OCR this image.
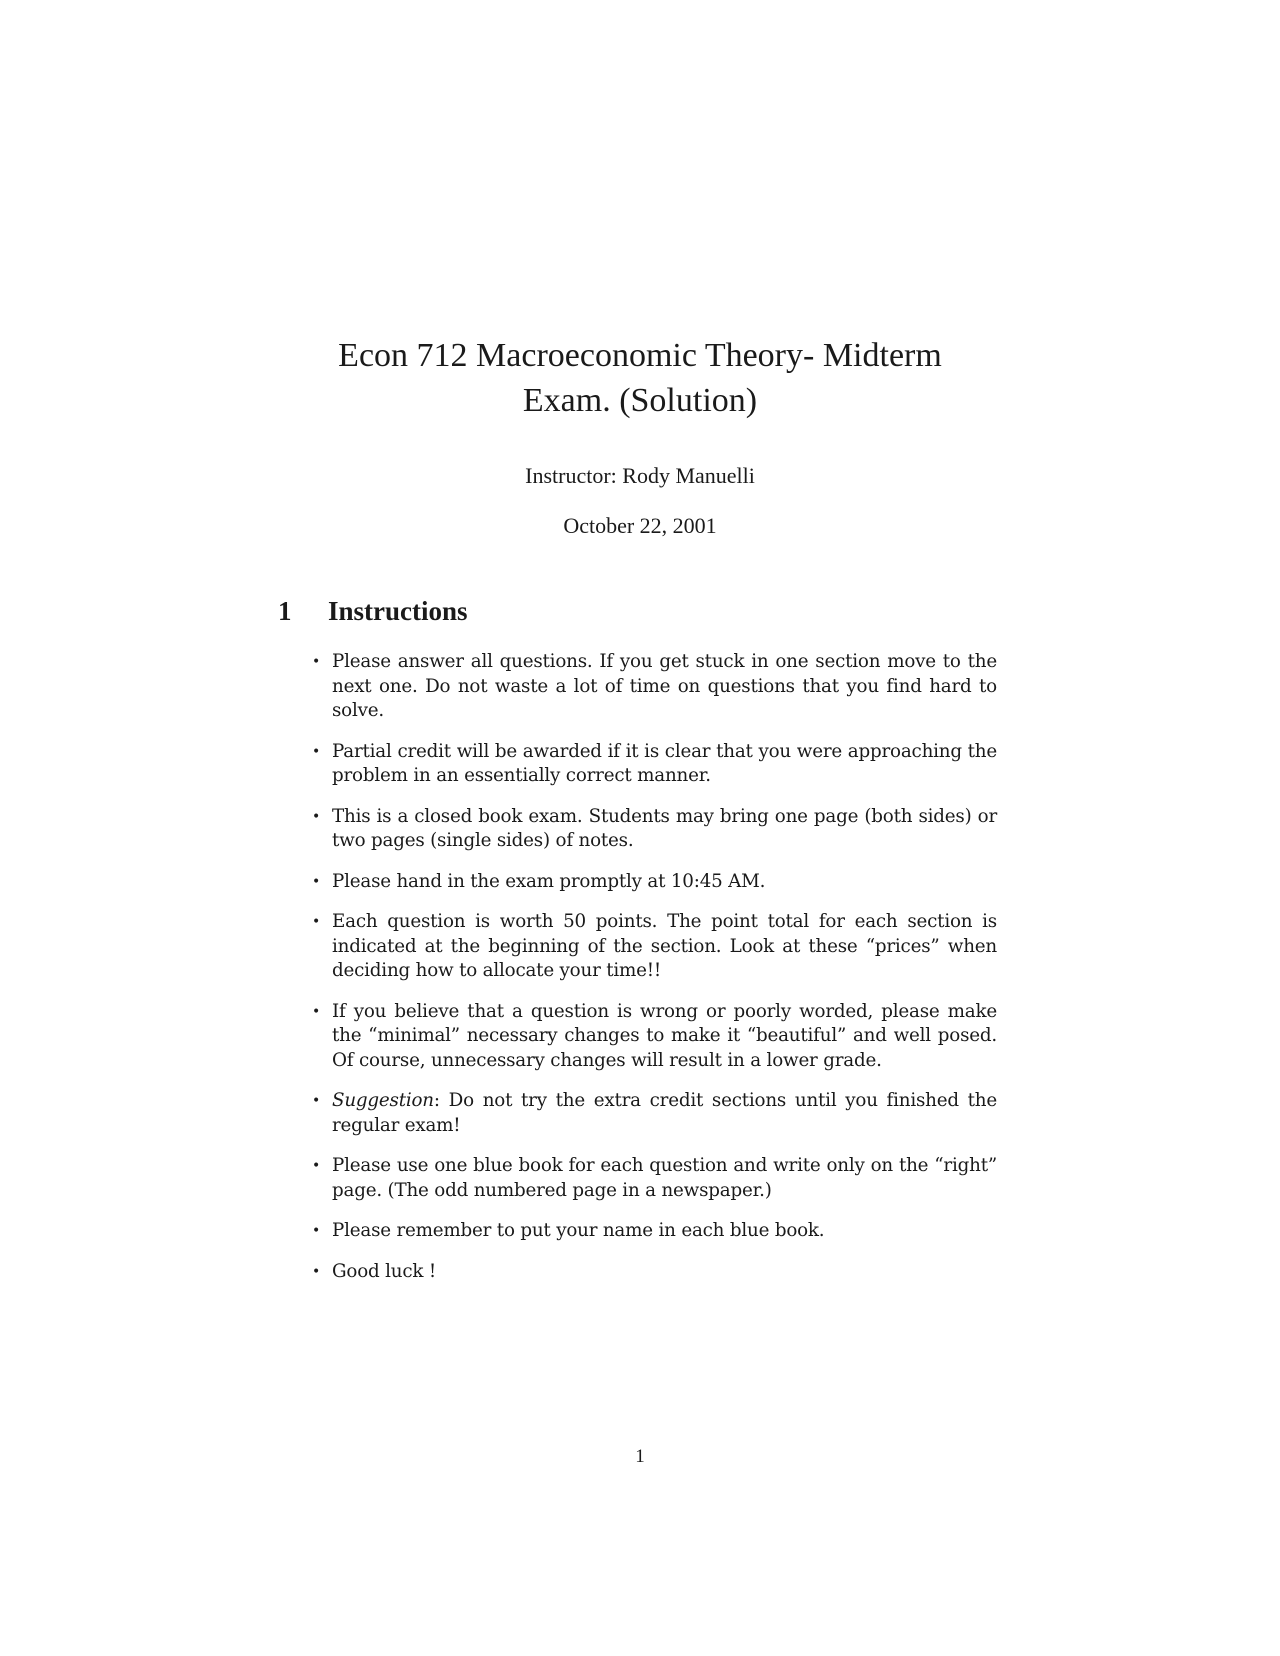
Econ 712 Macroeconomic Theory- Midterm
Exam. (Solution)
Instructor: Rody Manuelli
October 22, 2001
1 Instructions
• Please answer all questions. If you get stuck in one section move to the next one. Do not waste a lot of time on questions that you find hard to solve.
• Partial credit will be awarded if it is clear that you were approaching the problem in an essentially correct manner.
• This is a closed book exam. Students may bring one page (both sides) or two pages (single sides) of notes.
• Please hand in the exam promptly at 10:45 AM.
• Each question is worth 50 points. The point total for each section is indicated at the beginning of the section. Look at these “prices” when deciding how to allocate your time!!
• If you believe that a question is wrong or poorly worded, please make the “minimal” necessary changes to make it “beautiful” and well posed. Of course, unnecessary changes will result in a lower grade.
• Suggestion: Do not try the extra credit sections until you finished the regular exam!
• Please use one blue book for each question and write only on the “right” page. (The odd numbered page in a newspaper.)
• Please remember to put your name in each blue book.
• Good luck !
1
